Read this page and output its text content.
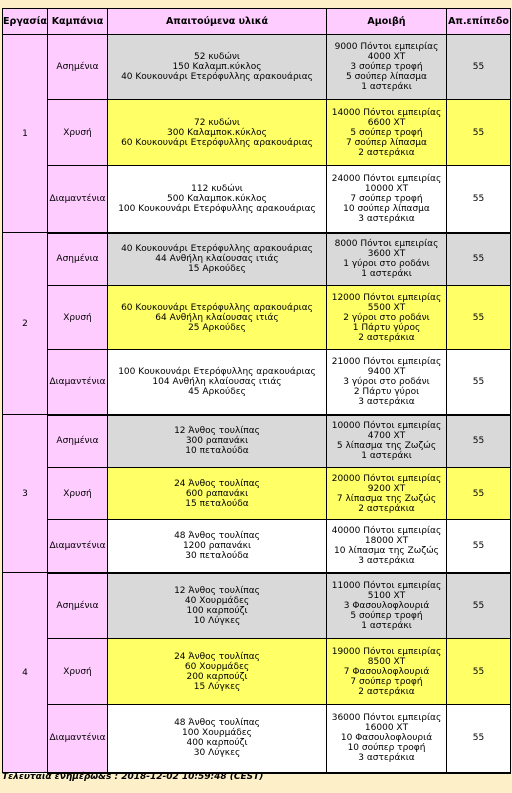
Εργασία	Καμπάνια	Απαιτούμενα υλικά	Αμοιβή	Απ.επίπεδο
1	Ασημένια	52 κυδώνι
150 Καλαμπ.κύκλος
40 Κουκουνάρι Ετερόφυλλης αρακουάριας	9000 Πόντοι εμπειρίας
4000 ΧΤ
3 σούπερ τροφή
5 σούπερ λίπασμα
1 αστεράκι	55
	Χρυσή	72 κυδώνι
300 Καλαμποκ.κύκλος
60 Κουκουνάρι Ετερόφυλλης αρακουάριας	14000 Πόντοι εμπειρίας
6600 ΧΤ
5 σούπερ τροφή
7 σούπερ λίπασμα
2 αστεράκια	55
	Διαμαντένια	112 κυδώνι
500 Καλαμποκ.κύκλος
100 Κουκουνάρι Ετερόφυλλης αρακουάριας	24000 Πόντοι εμπειρίας
10000 ΧΤ
7 σούπερ τροφή
10 σούπερ λίπασμα
3 αστεράκια	55
2	Ασημένια	40 Κουκουνάρι Ετερόφυλλης αρακουάριας
44 Ανθήλη κλαίουσας ιτιάς
15 Αρκούδες	8000 Πόντοι εμπειρίας
3600 ΧΤ
1 γύροι στο ροδάνι
1 αστεράκι	55
	Χρυσή	60 Κουκουνάρι Ετερόφυλλης αρακουάριας
64 Ανθήλη κλαίουσας ιτιάς
25 Αρκούδες	12000 Πόντοι εμπειρίας
5500 ΧΤ
2 γύροι στο ροδάνι
1 Πάρτυ γύρος
2 αστεράκια	55
	Διαμαντένια	100 Κουκουνάρι Ετερόφυλλης αρακουάριας
104 Ανθήλη κλαίουσας ιτιάς
45 Αρκούδες	21000 Πόντοι εμπειρίας
9400 ΧΤ
3 γύροι στο ροδάνι
2 Πάρτυ γύροι
3 αστεράκια	55
3	Ασημένια	12 Άνθος τουλίπας
300 ραπανάκι
10 πεταλούδα	10000 Πόντοι εμπειρίας
4700 ΧΤ
5 λίπασμα της Ζωζώς
1 αστεράκι	55
	Χρυσή	24 Άνθος τουλίπας
600 ραπανάκι
15 πεταλούδα	20000 Πόντοι εμπειρίας
9200 ΧΤ
7 λίπασμα της Ζωζώς
2 αστεράκια	55
	Διαμαντένια	48 Άνθος τουλίπας
1200 ραπανάκι
30 πεταλούδα	40000 Πόντοι εμπειρίας
18000 ΧΤ
10 λίπασμα της Ζωζώς
3 αστεράκια	55
4	Ασημένια	12 Άνθος τουλίπας
40 Χουρμάδες
100 καρπούζι
10 Λύγκες	11000 Πόντοι εμπειρίας
5100 ΧΤ
3 Φασουλοφλουριά
5 σούπερ τροφή
1 αστεράκι	55
	Χρυσή	24 Άνθος τουλίπας
60 Χουρμάδες
200 καρπούζι
15 Λύγκες	19000 Πόντοι εμπειρίας
8500 ΧΤ
7 Φασουλοφλουριά
7 σούπερ τροφή
2 αστεράκια	55
	Διαμαντένια	48 Άνθος τουλίπας
100 Χουρμάδες
400 καρπούζι
30 Λύγκες	36000 Πόντοι εμπειρίας
16000 ΧΤ
10 Φασουλοφλουριά
10 σούπερ τροφή
3 αστεράκια	55
Τελευταία ενημέρω&s : 2018-12-02 10:59:48 (CEST)
